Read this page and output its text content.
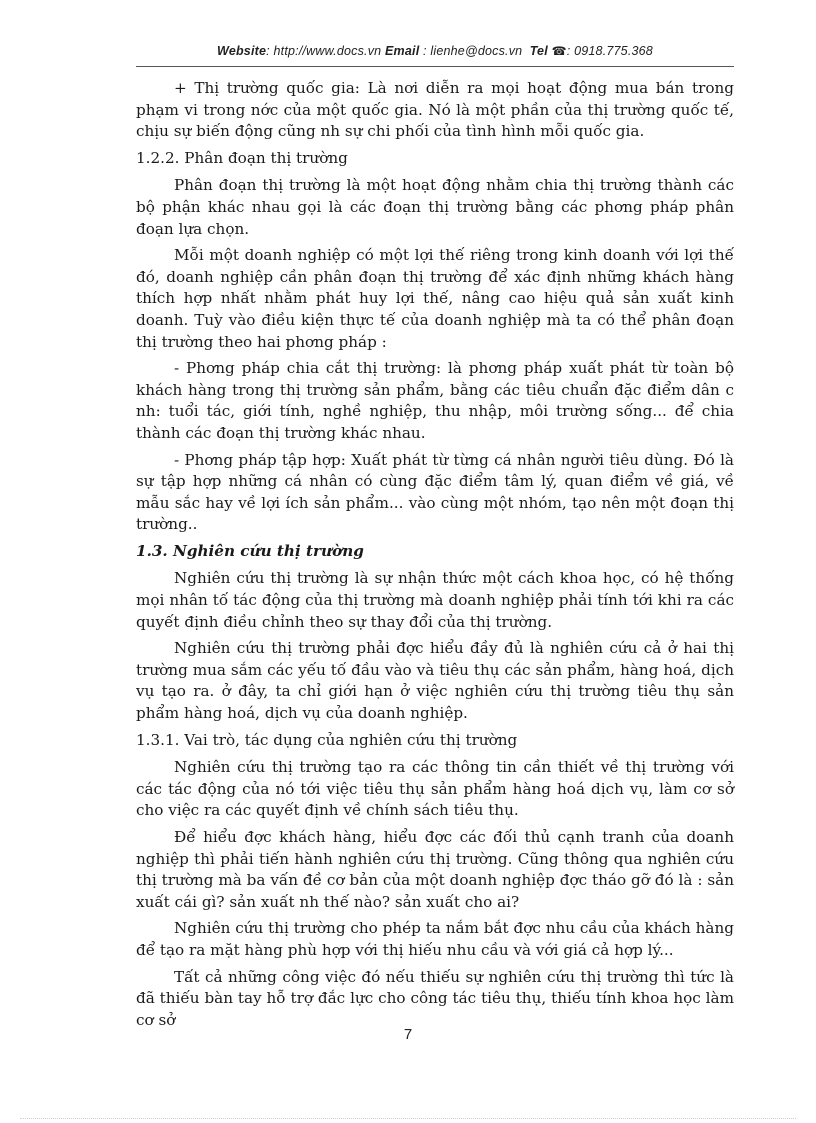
Website: http://www.docs.vn Email : lienhe@docs.vn Tel ☎: 0918.775.368

+ Thị trường quốc gia: Là nơi diễn ra mọi hoạt động mua bán trong phạm vi trong nớc của một quốc gia. Nó là một phần của thị trường quốc tế, chịu sự biến động cũng nh sự chi phối của tình hình mỗi quốc gia.

1.2.2. Phân đoạn thị trường

Phân đoạn thị trường là một hoạt động nhằm chia thị trường thành các bộ phận khác nhau gọi là các đoạn thị trường bằng các phơng pháp phân đoạn lựa chọn.

Mỗi một doanh nghiệp có một lợi thế riêng trong kinh doanh với lợi thế đó, doanh nghiệp cần phân đoạn thị trường để xác định những khách hàng thích hợp nhất nhằm phát huy lợi thế, nâng cao hiệu quả sản xuất kinh doanh. Tuỳ vào điều kiện thực tế của doanh nghiệp mà ta có thể phân đoạn thị trường theo hai phơng pháp :

- Phơng pháp chia cắt thị trường: là phơng pháp xuất phát từ toàn bộ khách hàng trong thị trường sản phẩm, bằng các tiêu chuẩn đặc điểm dân c nh: tuổi tác, giới tính, nghề nghiệp, thu nhập, môi trường sống... để chia thành các đoạn thị trường khác nhau.

- Phơng pháp tập hợp: Xuất phát từ từng cá nhân người tiêu dùng. Đó là sự tập hợp những cá nhân có cùng đặc điểm tâm lý, quan điểm về giá, về mẫu sắc hay về lợi ích sản phẩm... vào cùng một nhóm, tạo nên một đoạn thị trường..

1.3. Nghiên cứu thị trường

Nghiên cứu thị trường là sự nhận thức một cách khoa học, có hệ thống mọi nhân tố tác động của thị trường mà doanh nghiệp phải tính tới khi ra các quyết định điều chỉnh theo sự thay đổi của thị trường.

Nghiên cứu thị trường phải đợc hiểu đầy đủ là nghiên cứu cả ở hai thị trường mua sắm các yếu tố đầu vào và tiêu thụ các sản phẩm, hàng hoá, dịch vụ tạo ra. ở đây, ta chỉ giới hạn ở việc nghiên cứu thị trường tiêu thụ sản phẩm hàng hoá, dịch vụ của doanh nghiệp.

1.3.1. Vai trò, tác dụng của nghiên cứu thị trường

Nghiên cứu thị trường tạo ra các thông tin cần thiết về thị trường với các tác động của nó tới việc tiêu thụ sản phẩm hàng hoá dịch vụ, làm cơ sở cho việc ra các quyết định về chính sách tiêu thụ.

Để hiểu đợc khách hàng, hiểu đợc các đối thủ cạnh tranh của doanh nghiệp thì phải tiến hành nghiên cứu thị trường. Cũng thông qua nghiên cứu thị trường mà ba vấn đề cơ bản của một doanh nghiệp đợc tháo gỡ đó là : sản xuất cái gì? sản xuất nh thế nào? sản xuất cho ai?

Nghiên cứu thị trường cho phép ta nắm bắt đợc nhu cầu của khách hàng để tạo ra mặt hàng phù hợp với thị hiếu nhu cầu và với giá cả hợp lý...

Tất cả những công việc đó nếu thiếu sự nghiên cứu thị trường thì tức là đã thiếu bàn tay hỗ trợ đắc lực cho công tác tiêu thụ, thiếu tính khoa học làm cơ sở

7
